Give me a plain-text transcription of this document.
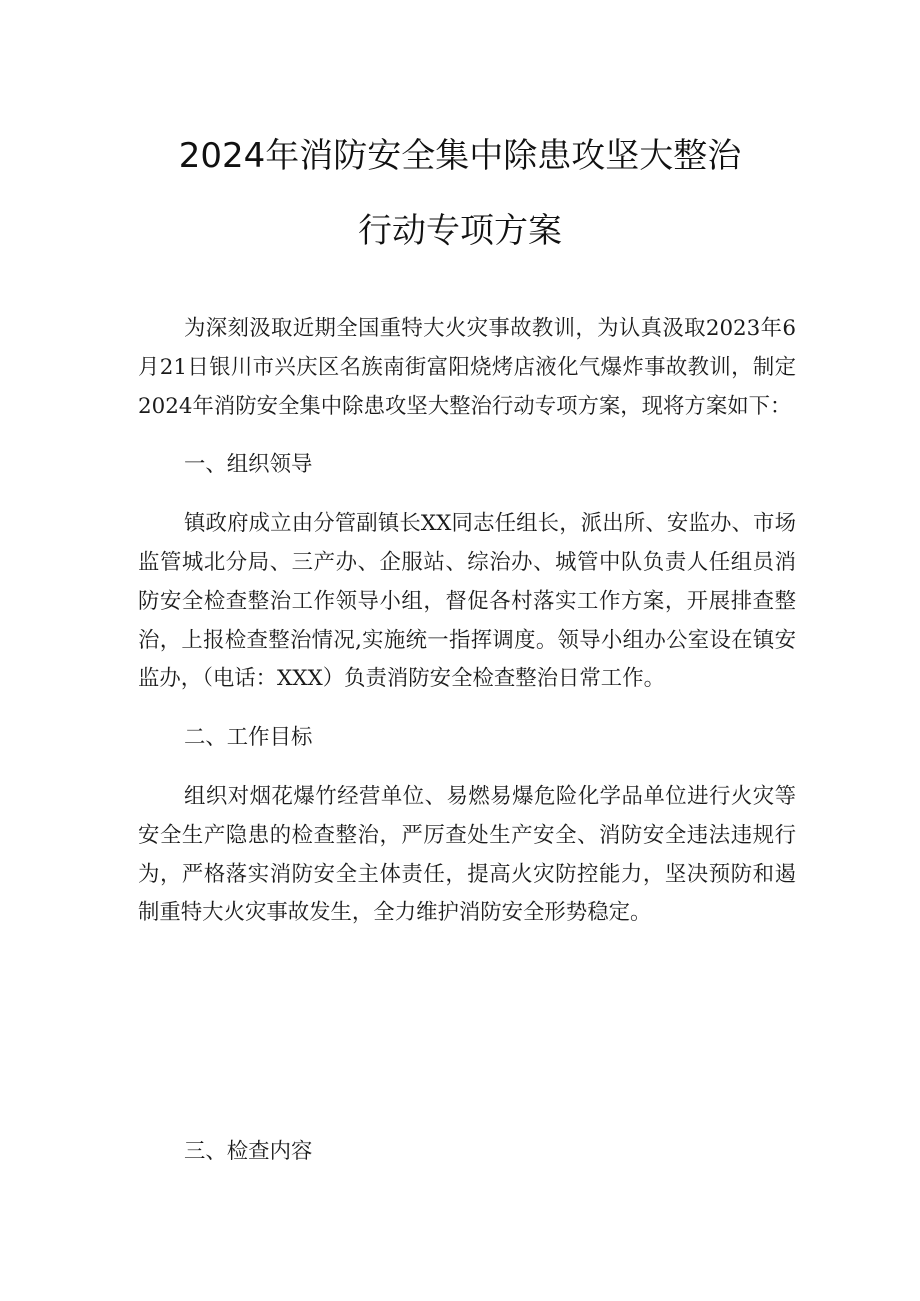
2024年消防安全集中除患攻坚大整治
行动专项方案

为深刻汲取近期全国重特大火灾事故教训，为认真汲取2023年6月21日银川市兴庆区名族南街富阳烧烤店液化气爆炸事故教训，制定2024年消防安全集中除患攻坚大整治行动专项方案，现将方案如下：

一、组织领导

镇政府成立由分管副镇长XX同志任组长，派出所、安监办、市场监管城北分局、三产办、企服站、综治办、城管中队负责人任组员消防安全检查整治工作领导小组，督促各村落实工作方案，开展排查整治，上报检查整治情况,实施统一指挥调度。领导小组办公室设在镇安监办，（电话：XXX）负责消防安全检查整治日常工作。

二、工作目标

组织对烟花爆竹经营单位、易燃易爆危险化学品单位进行火灾等安全生产隐患的检查整治，严厉查处生产安全、消防安全违法违规行为，严格落实消防安全主体责任，提高火灾防控能力，坚决预防和遏制重特大火灾事故发生，全力维护消防安全形势稳定。

三、检查内容
